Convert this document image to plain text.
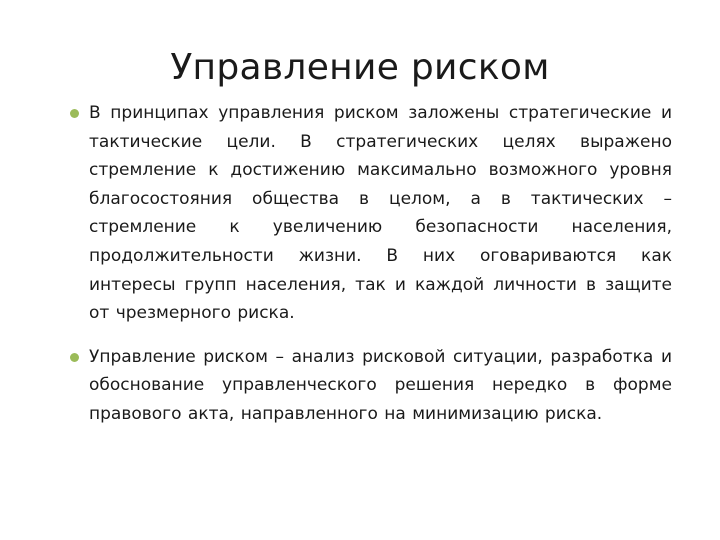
Управление риском
В принципах управления риском заложены стратегические и тактические цели. В стратегических целях выражено стремление к достижению максимально возможного уровня благосостояния общества в целом, а в тактических – стремление к увеличению безопасности населения, продолжительности жизни. В них оговариваются как интересы групп населения, так и каждой личности в защите от чрезмерного риска.
Управление риском – анализ рисковой ситуации, разработка и обоснование управленческого решения нередко в форме правового акта, направленного на минимизацию риска.
